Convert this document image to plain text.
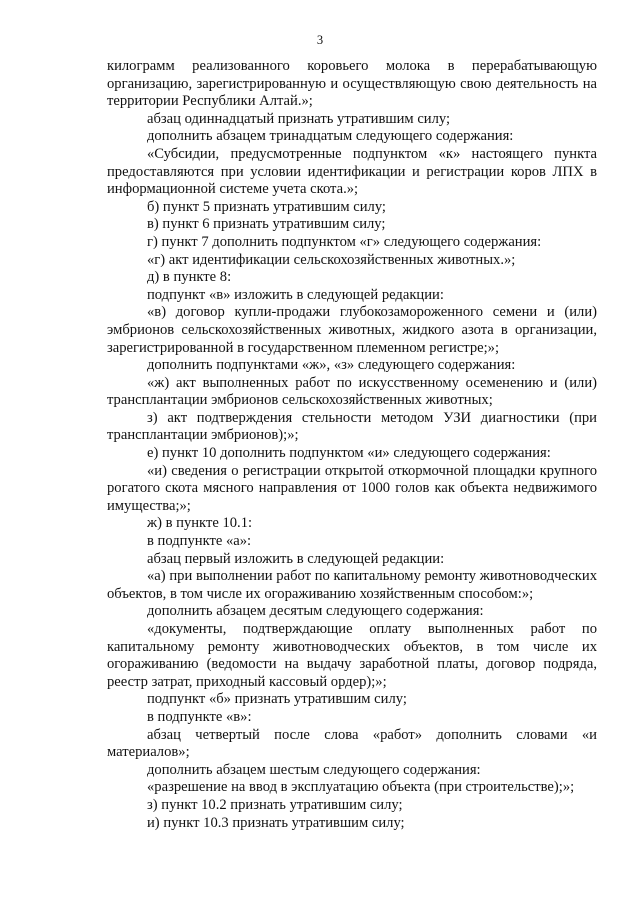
3

килограмм реализованного коровьего молока в перерабатывающую организацию, зарегистрированную и осуществляющую свою деятельность на территории Республики Алтай.»;

абзац одиннадцатый признать утратившим силу;

дополнить абзацем тринадцатым следующего содержания:

«Субсидии, предусмотренные подпунктом «к» настоящего пункта предоставляются при условии идентификации и регистрации коров ЛПХ в информационной системе учета скота.»;

б) пункт 5 признать утратившим силу;

в) пункт 6 признать утратившим силу;

г) пункт 7 дополнить подпунктом «г» следующего содержания:

«г) акт идентификации сельскохозяйственных животных.»;

д) в пункте 8:

подпункт «в» изложить в следующей редакции:

«в) договор купли-продажи глубокозамороженного семени и (или) эмбрионов сельскохозяйственных животных, жидкого азота в организации, зарегистрированной в государственном племенном регистре;»;

дополнить подпунктами «ж», «з» следующего содержания:

«ж) акт выполненных работ по искусственному осеменению и (или) трансплантации эмбрионов сельскохозяйственных животных;

з) акт подтверждения стельности методом УЗИ диагностики (при трансплантации эмбрионов);»;

е) пункт 10 дополнить подпунктом «и» следующего содержания:

«и) сведения о регистрации открытой откормочной площадки крупного рогатого скота мясного направления от 1000 голов как объекта недвижимого имущества;»;

ж) в пункте 10.1:

в подпункте «а»:

абзац первый изложить в следующей редакции:

«а) при выполнении работ по капитальному ремонту животноводческих объектов, в том числе их огораживанию хозяйственным способом:»;

дополнить абзацем десятым следующего содержания:

«документы, подтверждающие оплату выполненных работ по капитальному ремонту животноводческих объектов, в том числе их огораживанию (ведомости на выдачу заработной платы, договор подряда, реестр затрат, приходный кассовый ордер);»;

подпункт «б» признать утратившим силу;

в подпункте «в»:

абзац четвертый после слова «работ» дополнить словами «и материалов»;

дополнить абзацем шестым следующего содержания:

«разрешение на ввод в эксплуатацию объекта (при строительстве);»;

з) пункт 10.2 признать утратившим силу;

и) пункт 10.3 признать утратившим силу;
